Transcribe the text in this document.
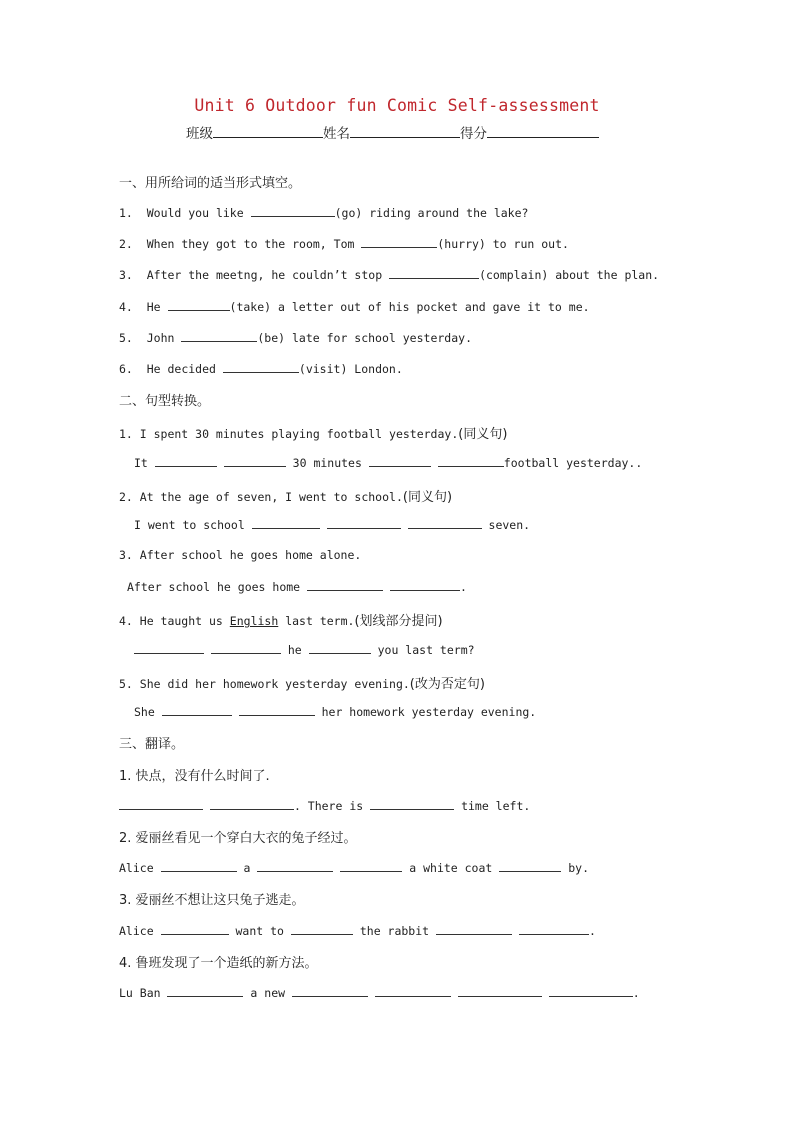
Unit 6 Outdoor fun Comic Self-assessment
班级	姓名	得分
一、用所给词的适当形式填空。
1. Would you like	(go) riding around the lake?
2. When they got to the room, Tom	(hurry) to run out.
3. After the meetng, he couldn’t stop	(complain) about the plan.
4. He	(take) a letter out of his pocket and gave it to me.
5. John	(be) late for school yesterday.
6. He decided	(visit) London.
二、句型转换。
1. I spent 30 minutes playing football yesterday.(同义句)
It	30 minutes	football yesterday..
2. At the age of seven, I went to school.(同义句)
I went to school	seven.
3. After school he goes home alone.
After school he goes home	.
4. He taught us English last term.(划线部分提问)
he	you last term?
5. She did her homework yesterday evening.(改为否定句)
She	her homework yesterday evening.
三、翻译。
1. 快点，没有什么时间了.
. There is	time left.
2. 爱丽丝看见一个穿白大衣的兔子经过。
Alice	a	a white coat	by.
3. 爱丽丝不想让这只兔子逃走。
Alice	want to	the rabbit	.
4. 鲁班发现了一个造纸的新方法。
Lu Ban	a new	.
